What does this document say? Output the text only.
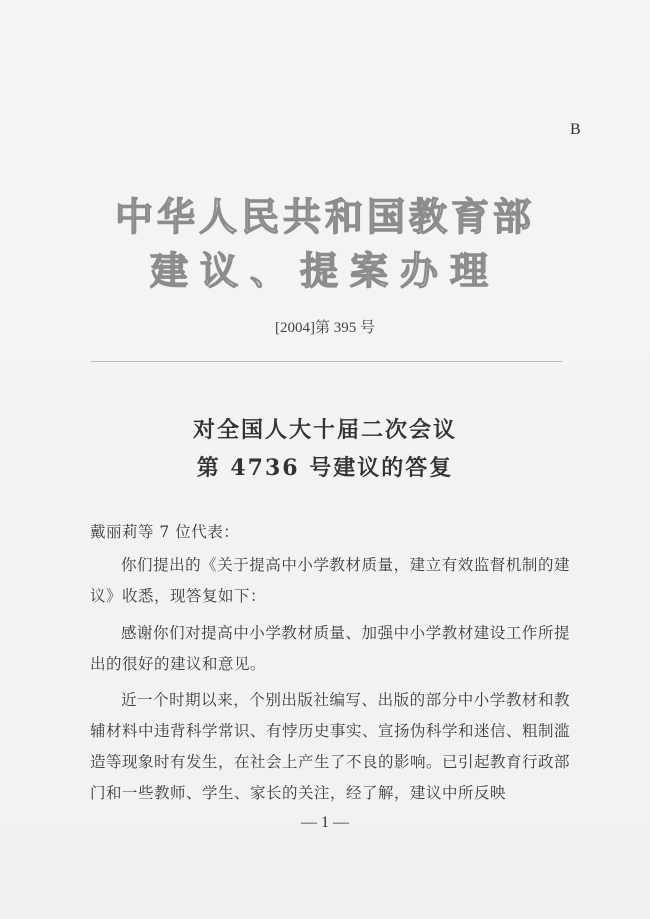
B
中华人民共和国教育部
建议、提案办理
[2004]第 395 号
对全国人大十届二次会议
第 4736 号建议的答复
戴丽莉等 7 位代表：

你们提出的《关于提高中小学教材质量，建立有效监督机制的建议》收悉，现答复如下：

感谢你们对提高中小学教材质量、加强中小学教材建设工作所提出的很好的建议和意见。

近一个时期以来，个别出版社编写、出版的部分中小学教材和教辅材料中违背科学常识、有悖历史事实、宣扬伪科学和迷信、粗制滥造等现象时有发生，在社会上产生了不良的影响。已引起教育行政部门和一些教师、学生、家长的关注，经了解，建议中所反映

— 1 —
